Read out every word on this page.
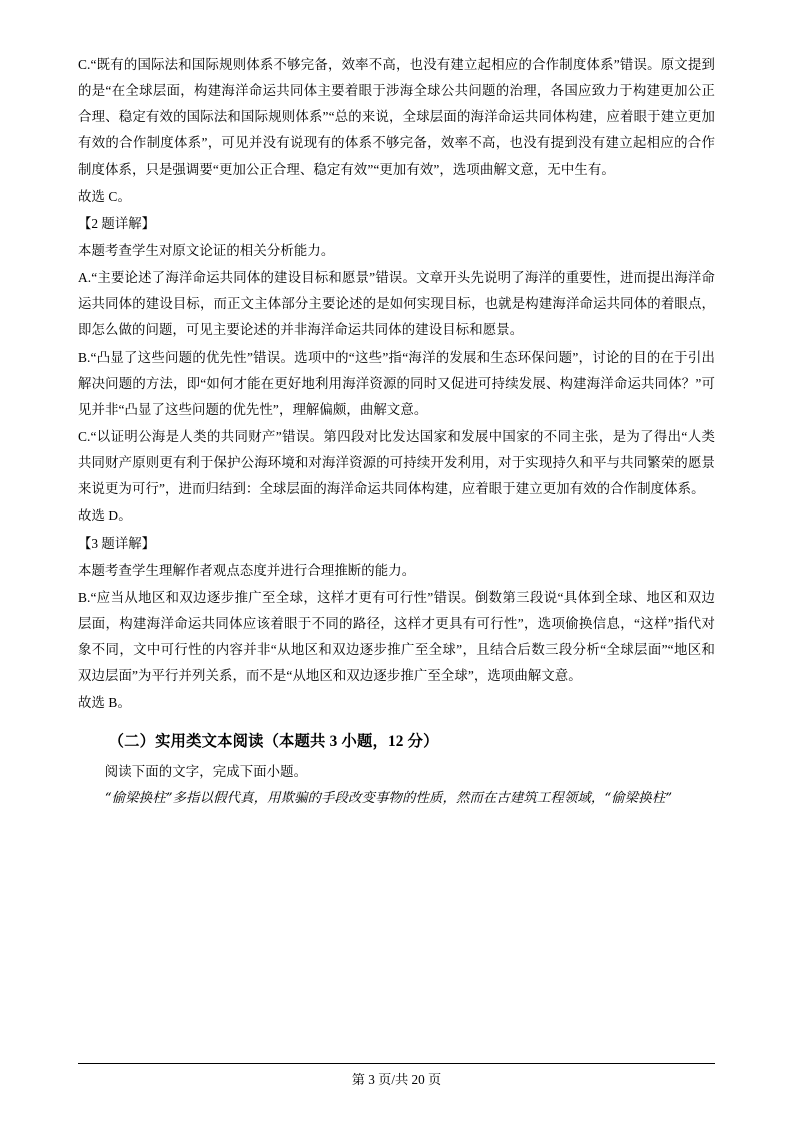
C.“既有的国际法和国际规则体系不够完备，效率不高，也没有建立起相应的合作制度体系”错误。原文提到的是“在全球层面，构建海洋命运共同体主要着眼于涉海全球公共问题的治理，各国应致力于构建更加公正合理、稳定有效的国际法和国际规则体系”“总的来说，全球层面的海洋命运共同体构建，应着眼于建立更加有效的合作制度体系”，可见并没有说现有的体系不够完备，效率不高，也没有提到没有建立起相应的合作制度体系，只是强调要“更加公正合理、稳定有效”“更加有效”，选项曲解文意，无中生有。

故选 C。

【2 题详解】

本题考查学生对原文论证的相关分析能力。

A.“主要论述了海洋命运共同体的建设目标和愿景”错误。文章开头先说明了海洋的重要性，进而提出海洋命运共同体的建设目标，而正文主体部分主要论述的是如何实现目标，也就是构建海洋命运共同体的着眼点，即怎么做的问题，可见主要论述的并非海洋命运共同体的建设目标和愿景。

B.“凸显了这些问题的优先性”错误。选项中的“这些”指“海洋的发展和生态环保问题”，讨论的目的在于引出解决问题的方法，即“如何才能在更好地利用海洋资源的同时又促进可持续发展、构建海洋命运共同体？”可见并非“凸显了这些问题的优先性”，理解偏颇，曲解文意。

C.“以证明公海是人类的共同财产”错误。第四段对比发达国家和发展中国家的不同主张，是为了得出“人类共同财产原则更有利于保护公海环境和对海洋资源的可持续开发利用，对于实现持久和平与共同繁荣的愿景来说更为可行”，进而归结到：全球层面的海洋命运共同体构建，应着眼于建立更加有效的合作制度体系。

故选 D。

【3 题详解】

本题考查学生理解作者观点态度并进行合理推断的能力。

B.“应当从地区和双边逐步推广至全球，这样才更有可行性”错误。倒数第三段说“具体到全球、地区和双边层面，构建海洋命运共同体应该着眼于不同的路径，这样才更具有可行性”，选项偷换信息，“这样”指代对象不同，文中可行性的内容并非“从地区和双边逐步推广至全球”，且结合后数三段分析“全球层面”“地区和双边层面”为平行并列关系，而不是“从地区和双边逐步推广至全球”，选项曲解文意。

故选 B。

（二）实用类文本阅读（本题共 3 小题，12 分）

阅读下面的文字，完成下面小题。

“偷梁换柱”多指以假代真，用欺骗的手段改变事物的性质，然而在古建筑工程领域，“偷梁换柱”

第 3 页/共 20 页
